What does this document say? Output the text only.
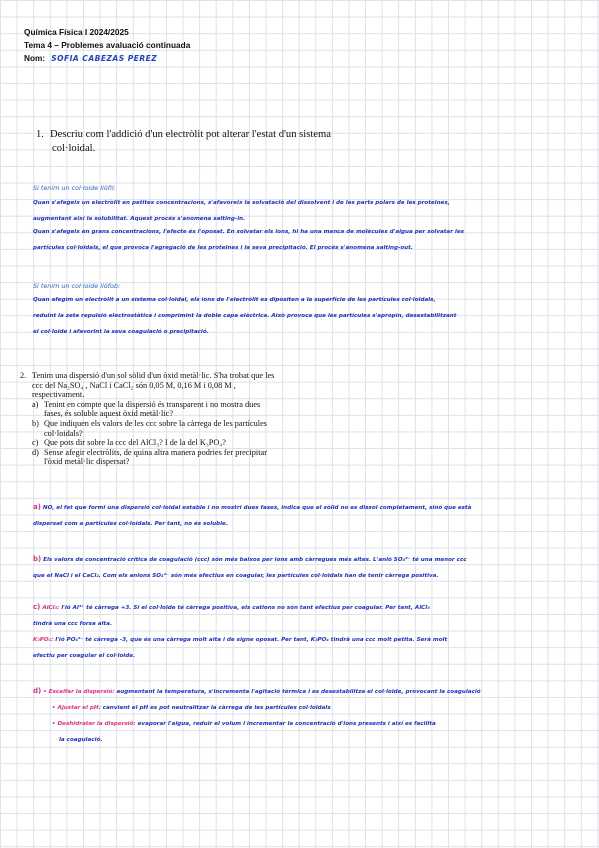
Química Física I 2024/2025
Tema 4 – Problemes avaluació continuada
Nom: SOFIA CABEZAS PEREZ
1. Descriu com l'addició d'un electròlit pot alterar l'estat d'un sistema
col·loidal.
Si tenim un col·loide liòfil:
Quan s'afegeix un electròlit en petites concentracions, s'afavoreix la solvatació del dissolvent i de les parts polars de les proteïnes,
augmentant així la solubilitat. Aquest procés s'anomena salting-in.
Quan s'afegeix en grans concentracions, l'efecte és l'oposat. En solvatar els ions, hi ha una manca de molècules d'aigua per solvatar les
partícules col·loïdals, el que provoca l'agregació de les proteïnes i la seva precipitació. El procés s'anomena salting-out.
Si tenim un col·loide liòfob:
Quan afegim un electròlit a un sistema col·loïdal, els ions de l'electròlit es dipositen a la superfície de les partícules col·loïdals,
reduint la zeta repulsió electrostàtica i comprimint la doble capa elèctrica. Això provoca que les partícules s'apropin, desestabilitzant
el col·loide i afavorint la seva coagulació o precipitació.
2. Tenim una dispersió d'un sol sòlid d'un òxid metàl·lic. S'ha trobat que les
ccc del Na₂SO₄ , NaCl i CaCl₂ són 0,05 M, 0,16 M i 0,08 M ,
respectivament.
a) Tenint en compte que la dispersió és transparent i no mostra dues
fases, és soluble aquest òxid metàl·lic?
b) Que indiquen els valors de les ccc sobre la càrrega de les partícules
col·loidals?
c) Que pots dir sobre la ccc del AlCl₃? I de la del K₃PO₄?
d) Sense afegir electròlits, de quina altra manera podries fer precipitar
l'òxid metàl·lic dispersat?
a) NO, el fet que formi una dispersió col·loidal estable i no mostri dues fases, indica que el sòlid no es dissol completament, sinó que està
dispersat com a partícules col·loidals. Per tant, no és soluble.
b) Els valors de concentració crítica de coagulació (ccc) són més baixos per ions amb càrregues més altes. L'anió SO₄²⁻ té una menor ccc
que el NaCl i el CaCl₂. Com els anions SO₄²⁻ són més efectius en coagular, les partícules col·loïdals han de tenir càrrega positiva.
c) AlCl₃: l'ió Al³⁺ té càrrega +3. Si el col·loide té càrrega positiva, els cations no són tant efectius per coagular. Per tant, AlCl₃
tindrà una ccc forsa alta.
K₃PO₄: l'ió PO₄³⁻ té càrrega -3, que és una càrrega molt alta i de signe oposat. Per tant, K₃PO₄ tindrà una ccc molt petita. Serà molt
efectiu per coagular el col·loide.
d) • Escalfar la dispersió: augmentant la temperatura, s'incrementa l'agitació tèrmica i es desestabilitza el col·loide, provocant la coagulació
• Ajustar el pH: canviant el pH es pot neutralitzar la càrrega de les partícules col·loïdals
• Deshidratar la dispersió: evaporar l'aigua, reduir el volum i incrementar la concentració d'ions presents i així es facilita
la coagulació.
